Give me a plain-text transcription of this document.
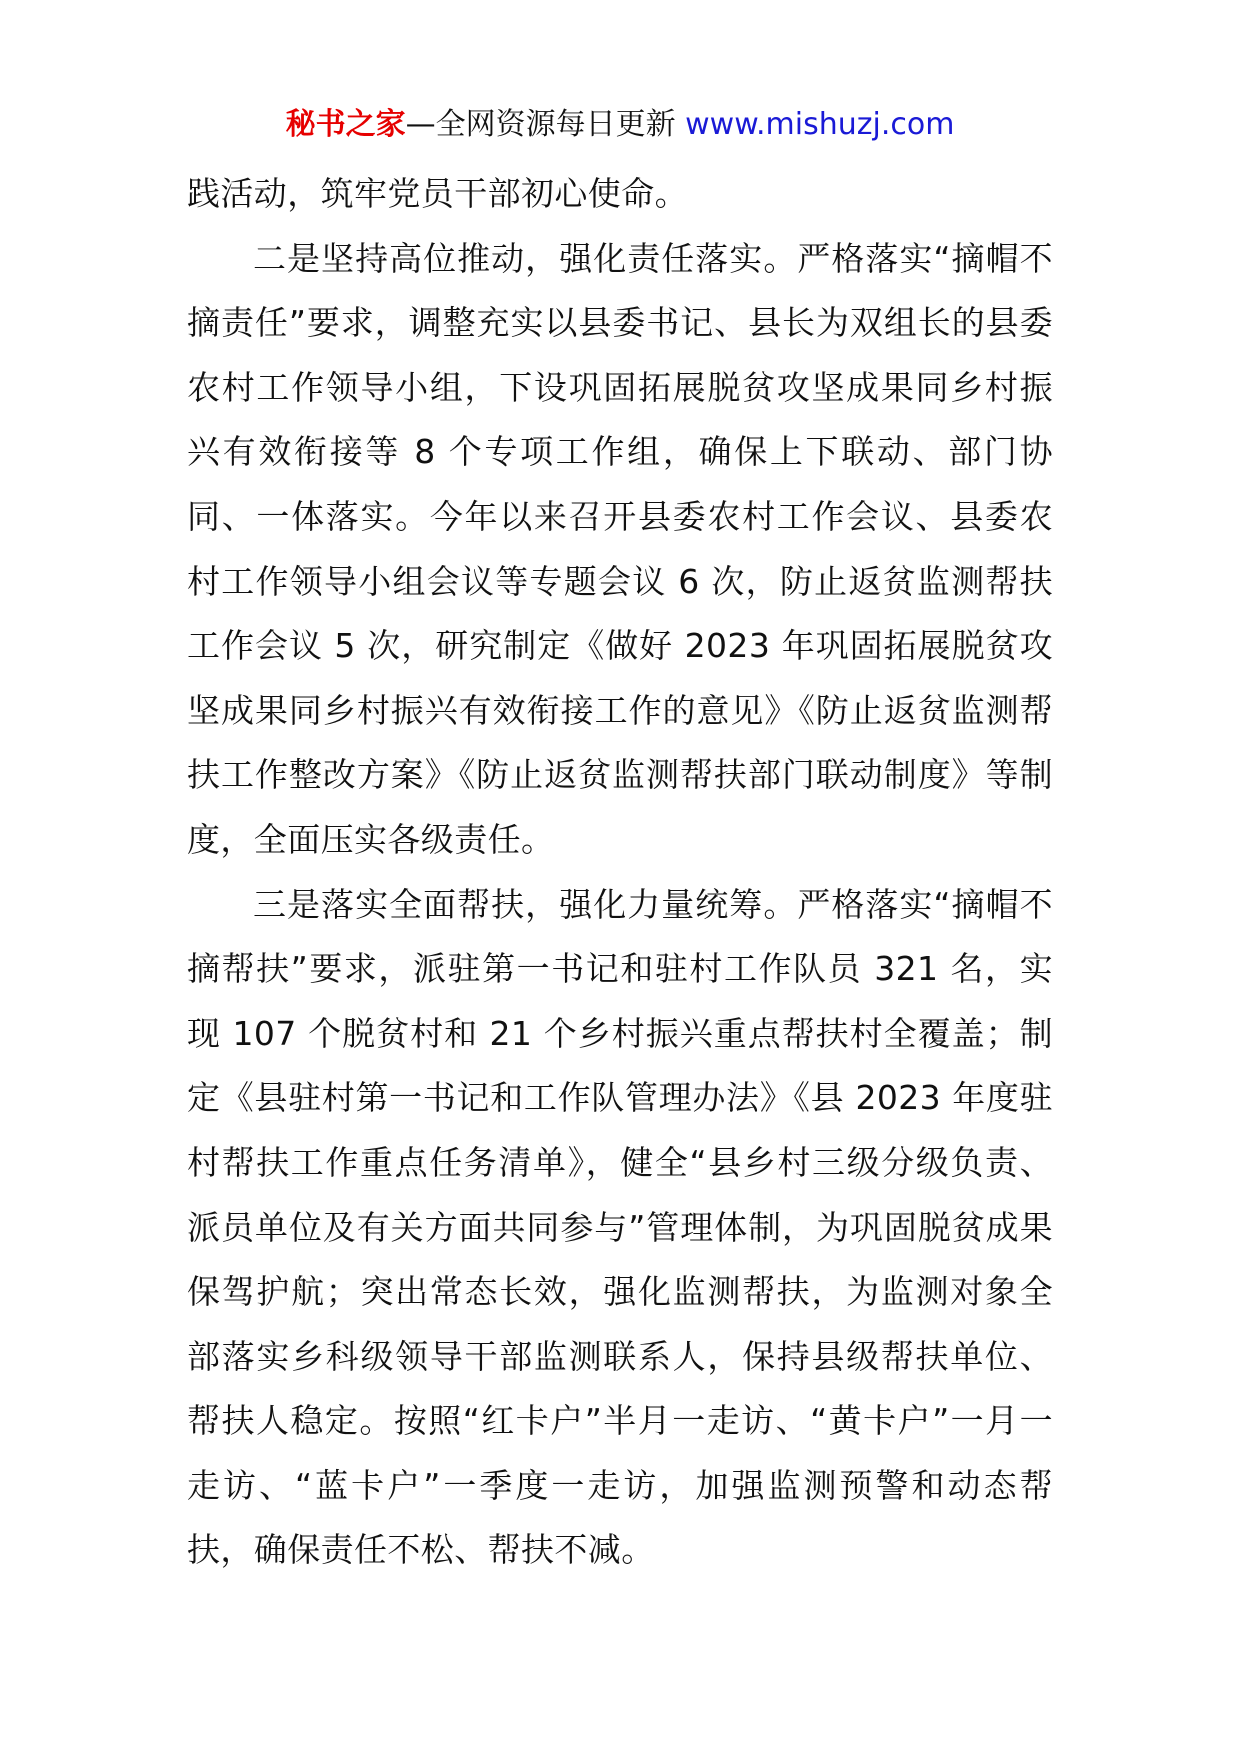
秘书之家—全网资源每日更新 www.mishuzj.com

践活动，筑牢党员干部初心使命。

二是坚持高位推动，强化责任落实。严格落实“摘帽不摘责任”要求，调整充实以县委书记、县长为双组长的县委农村工作领导小组，下设巩固拓展脱贫攻坚成果同乡村振兴有效衔接等 8 个专项工作组，确保上下联动、部门协同、一体落实。今年以来召开县委农村工作会议、县委农村工作领导小组会议等专题会议 6 次，防止返贫监测帮扶工作会议 5 次，研究制定《做好 2023 年巩固拓展脱贫攻坚成果同乡村振兴有效衔接工作的意见》《防止返贫监测帮扶工作整改方案》《防止返贫监测帮扶部门联动制度》等制度，全面压实各级责任。

三是落实全面帮扶，强化力量统筹。严格落实“摘帽不摘帮扶”要求，派驻第一书记和驻村工作队员 321 名，实现 107 个脱贫村和 21 个乡村振兴重点帮扶村全覆盖；制定《县驻村第一书记和工作队管理办法》《县 2023 年度驻村帮扶工作重点任务清单》，健全“县乡村三级分级负责、派员单位及有关方面共同参与”管理体制，为巩固脱贫成果保驾护航；突出常态长效，强化监测帮扶，为监测对象全部落实乡科级领导干部监测联系人，保持县级帮扶单位、帮扶人稳定。按照“红卡户”半月一走访、“黄卡户”一月一走访、“蓝卡户”一季度一走访，加强监测预警和动态帮扶，确保责任不松、帮扶不减。
